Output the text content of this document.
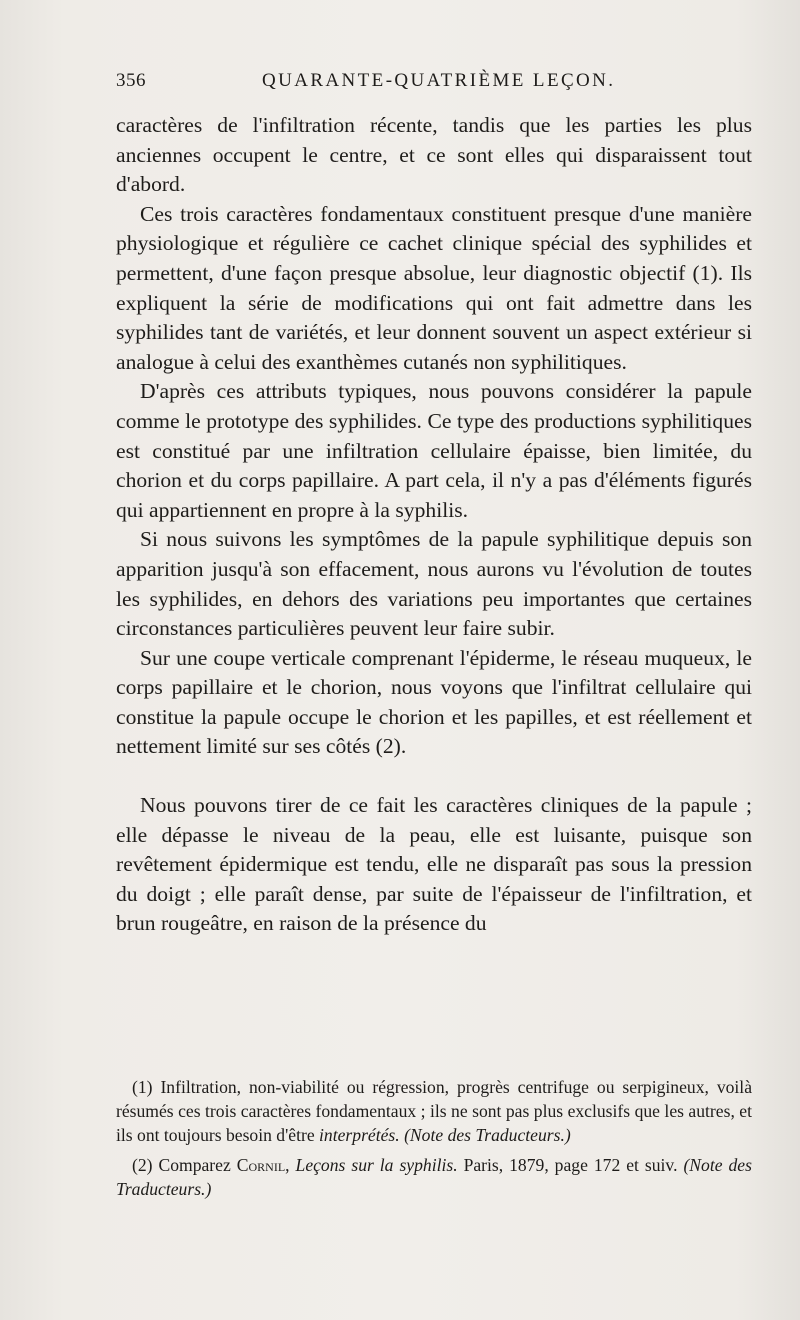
356	QUARANTE-QUATRIÈME LEÇON.

caractères de l'infiltration récente, tandis que les parties les plus anciennes occupent le centre, et ce sont elles qui disparaissent tout d'abord.

Ces trois caractères fondamentaux constituent presque d'une manière physiologique et régulière ce cachet clinique spécial des syphilides et permettent, d'une façon presque absolue, leur diagnostic objectif (1). Ils expliquent la série de modifications qui ont fait admettre dans les syphilides tant de variétés, et leur donnent souvent un aspect extérieur si analogue à celui des exanthèmes cutanés non syphilitiques.

D'après ces attributs typiques, nous pouvons considérer la papule comme le prototype des syphilides. Ce type des productions syphilitiques est constitué par une infiltration cellulaire épaisse, bien limitée, du chorion et du corps papillaire. A part cela, il n'y a pas d'éléments figurés qui appartiennent en propre à la syphilis.

Si nous suivons les symptômes de la papule syphilitique depuis son apparition jusqu'à son effacement, nous aurons vu l'évolution de toutes les syphilides, en dehors des variations peu importantes que certaines circonstances particulières peuvent leur faire subir.

Sur une coupe verticale comprenant l'épiderme, le réseau muqueux, le corps papillaire et le chorion, nous voyons que l'infiltrat cellulaire qui constitue la papule occupe le chorion et les papilles, et est réellement et nettement limité sur ses côtés (2).

Nous pouvons tirer de ce fait les caractères cliniques de la papule ; elle dépasse le niveau de la peau, elle est luisante, puisque son revêtement épidermique est tendu, elle ne disparaît pas sous la pression du doigt ; elle paraît dense, par suite de l'épaisseur de l'infiltration, et brun rougeâtre, en raison de la présence du

(1) Infiltration, non-viabilité ou régression, progrès centrifuge ou serpigineux, voilà résumés ces trois caractères fondamentaux ; ils ne sont pas plus exclusifs que les autres, et ils ont toujours besoin d'être interprétés. (Note des Traducteurs.)

(2) Comparez Cornil, Leçons sur la syphilis. Paris, 1879, page 172 et suiv. (Note des Traducteurs.)
